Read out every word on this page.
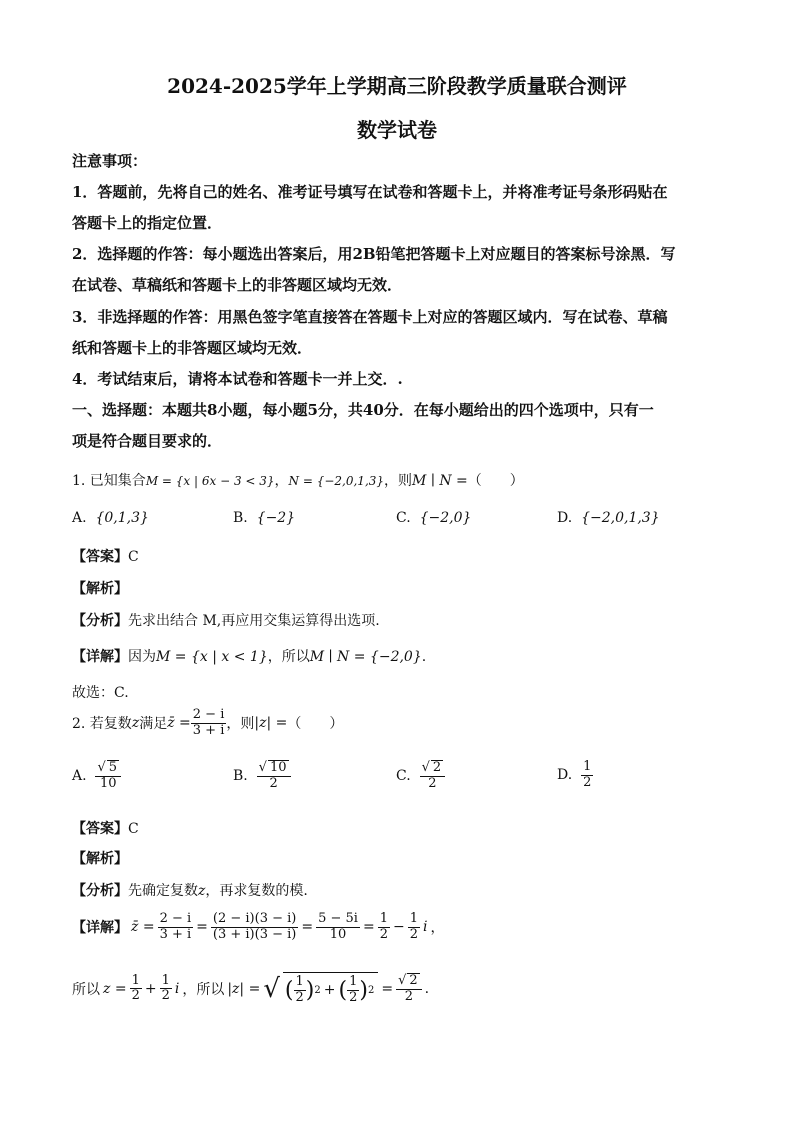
2024-2025学年上学期高三阶段教学质量联合测评
数学试卷
注意事项：
1．答题前，先将自己的姓名、准考证号填写在试卷和答题卡上，并将准考证号条形码贴在
答题卡上的指定位置．
2．选择题的作答：每小题选出答案后，用2B铅笔把答题卡上对应题目的答案标号涂黑．写
在试卷、草稿纸和答题卡上的非答题区域均无效．
3．非选择题的作答：用黑色签字笔直接答在答题卡上对应的答题区域内．写在试卷、草稿
纸和答题卡上的非答题区域均无效．
4．考试结束后，请将本试卷和答题卡一并上交．.
一、选择题：本题共8小题，每小题5分，共40分．在每小题给出的四个选项中，只有一
项是符合题目要求的．
1. 已知集合M = {x | 6x − 3 < 3}，N = {−2,0,1,3}，则M ∣ N =（　　）
A. {0,1,3}	B. {−2}	C. {−2,0}	D. {−2,0,1,3}
【答案】C
【解析】
【分析】先求出结合 M,再应用交集运算得出选项.
【详解】因为M = {x | x < 1}，所以M ∣ N = {−2,0}.
故选：C.
2. 若复数 z 满足 z̄ = $\frac{2 - i}{3 + i}$ ，则 |z| = （　　）
A.
√ $\frac{5}{10}$	B.
√ $\frac{10}{2}$	C.
√ $\frac{2}{2}$	D.
$\frac{1}{2}$
【答案】C
【解析】
【分析】先确定复数z，再求复数的模.
【详解】 z̄ = $\frac{2 - i}{3 + i} = \frac{(2 - i)(3 - i)}{(3 + i)(3 - i)} = \frac{5 - 5i}{10} = \frac{1}{2} - \frac{1}{2}$ i ，
所以 $z = \frac{1}{2} + \frac{1}{2}$ i ，所以 |z| = √ ( $\frac{1}{2}$ ) 2 + ( $\frac{1}{2}$ ) 2 = √ $\frac{2}{2}$ .
